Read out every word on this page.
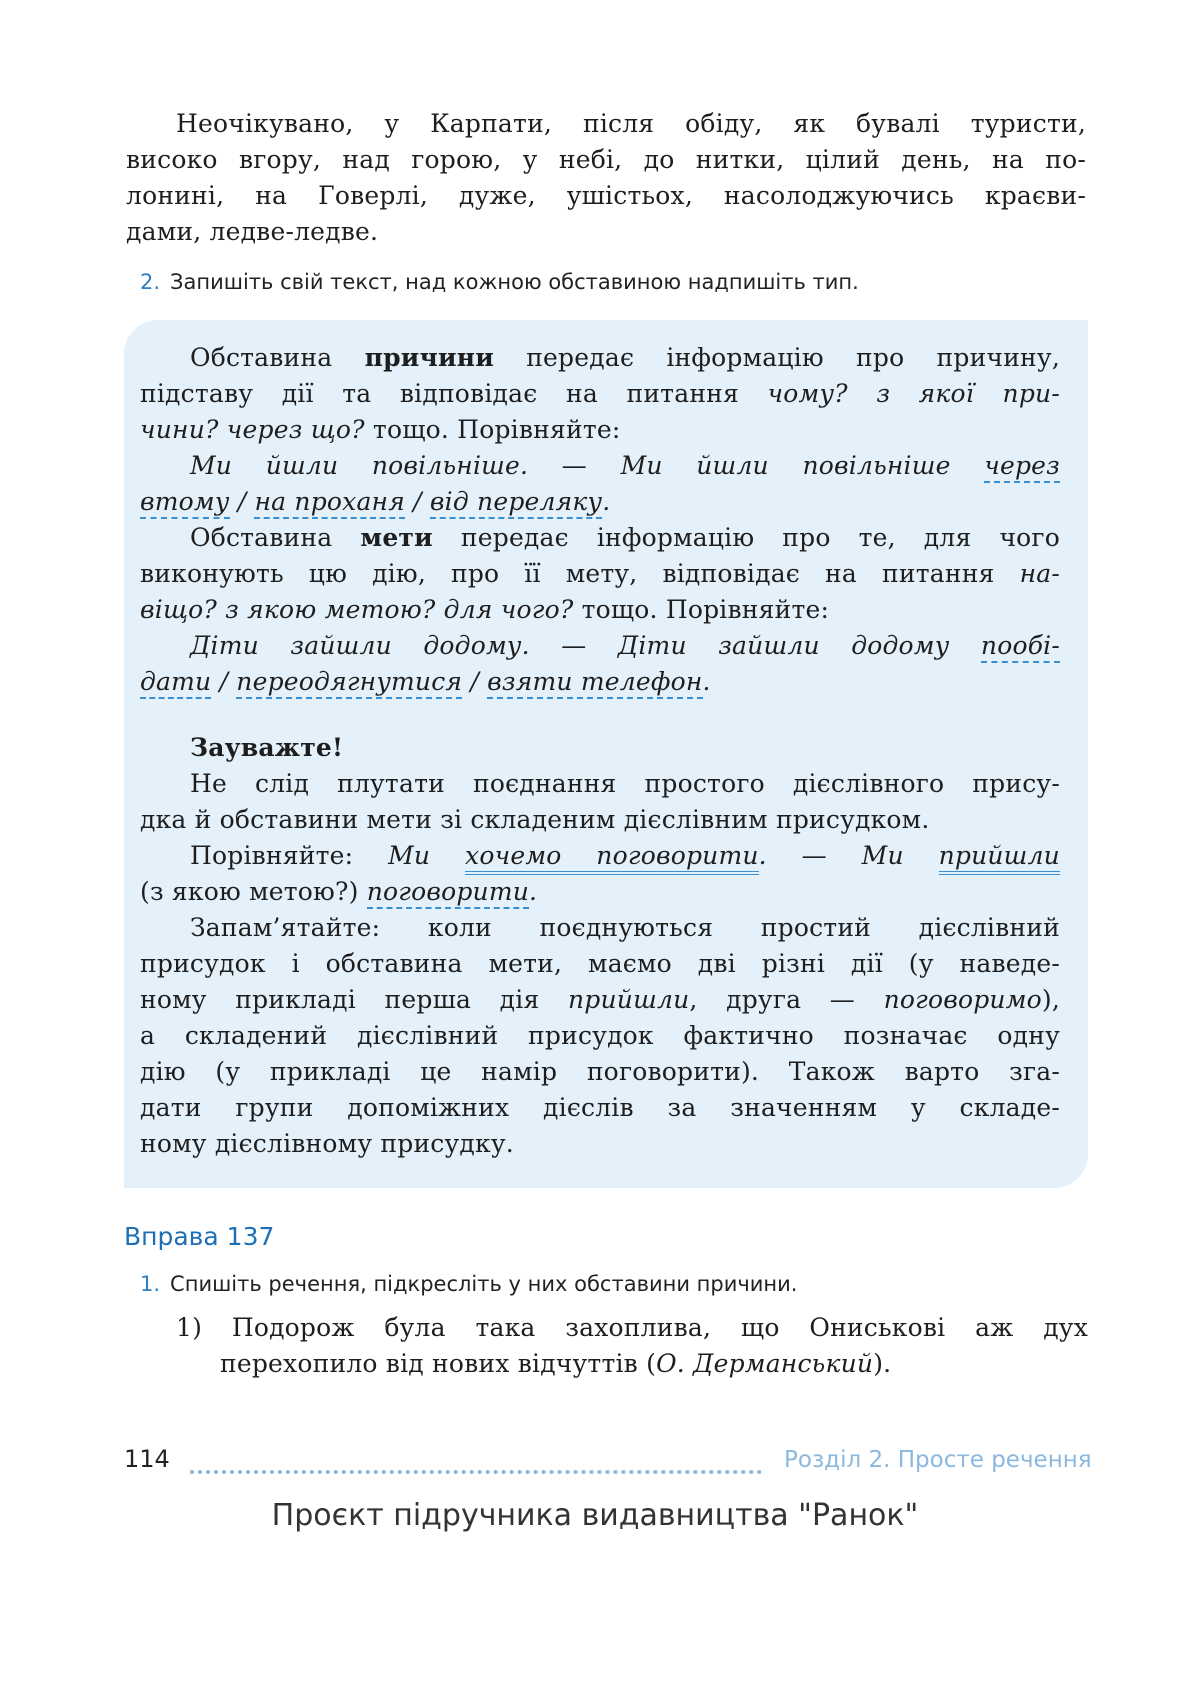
Неочікувано, у Карпати, після обіду, як бувалі туристи,
високо вгору, над горою, у небі, до нитки, цілий день, на по-
лонині, на Говерлі, дуже, ушістьох, насолоджуючись краєви-
дами, ледве-ледве.
2. Запишіть свій текст, над кожною обставиною надпишіть тип.
Обставина причини передає інформацію про причину,
підставу дії та відповідає на питання чому? з якої при-
чини? через що? тощо. Порівняйте:
Ми йшли повільніше. — Ми йшли повільніше через
втому / на проханя / від переляку.
Обставина мети передає інформацію про те, для чого
виконують цю дію, про її мету, відповідає на питання на-
віщо? з якою метою? для чого? тощо. Порівняйте:
Діти зайшли додому. — Діти зайшли додому пообі-
дати / переодягнутися / взяти телефон.
Зауважте!
Не слід плутати поєднання простого дієслівного прису-
дка й обставини мети зі складеним дієслівним присудком.
Порівняйте: Ми хочемо поговорити. — Ми прийшли
(з якою метою?) поговорити.
Запам’ятайте: коли поєднуються простий дієслівний
присудок і обставина мети, маємо дві різні дії (у наведе-
ному прикладі перша дія прийшли, друга — поговоримо),
а складений дієслівний присудок фактично позначає одну
дію (у прикладі це намір поговорити). Також варто зга-
дати групи допоміжних дієслів за значенням у складе-
ному дієслівному присудку.
Вправа 137
1. Спишіть речення, підкресліть у них обставини причини.
1) Подорож була така захоплива, що Ониськові аж дух
перехопило від нових відчуттів (О. Дерманський).
114	Розділ 2. Просте речення
Проєкт підручника видавництва "Ранок"
